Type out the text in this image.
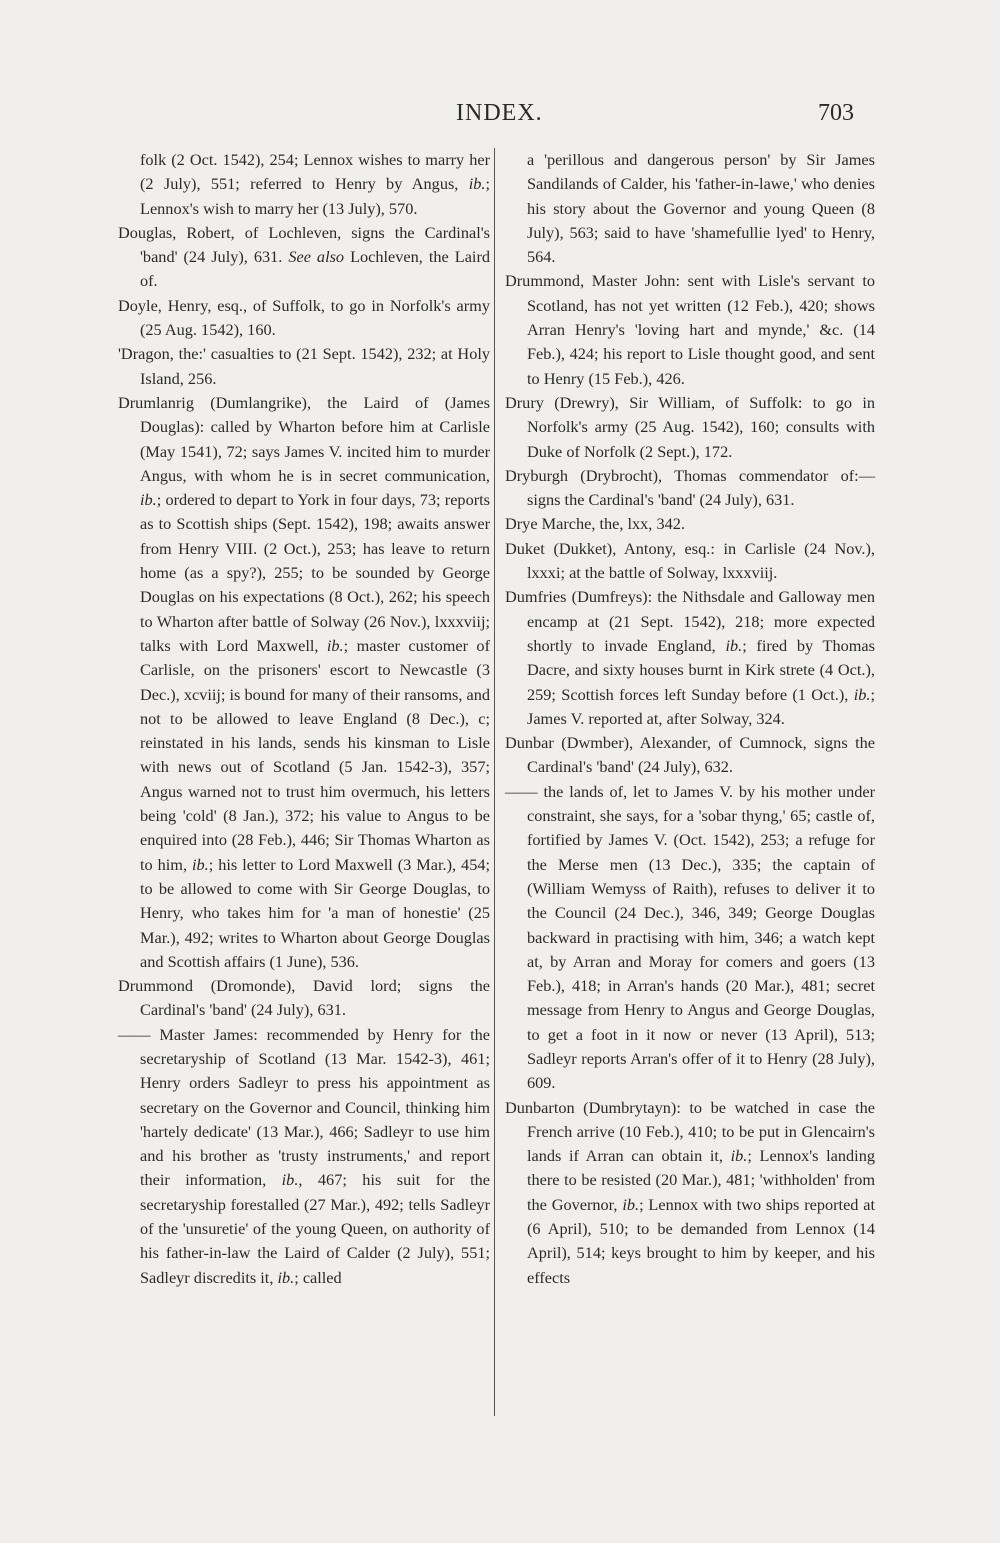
INDEX.	703

folk (2 Oct. 1542), 254; Lennox wishes to marry her (2 July), 551; referred to Henry by Angus, ib.; Lennox's wish to marry her (13 July), 570.

Douglas, Robert, of Lochleven, signs the Cardinal's 'band' (24 July), 631. See also Lochleven, the Laird of.

Doyle, Henry, esq., of Suffolk, to go in Norfolk's army (25 Aug. 1542), 160.

'Dragon, the:' casualties to (21 Sept. 1542), 232; at Holy Island, 256.

Drumlanrig (Dumlangrike), the Laird of (James Douglas): called by Wharton before him at Carlisle (May 1541), 72; says James V. incited him to murder Angus, with whom he is in secret communication, ib.; ordered to depart to York in four days, 73; reports as to Scottish ships (Sept. 1542), 198; awaits answer from Henry VIII. (2 Oct.), 253; has leave to return home (as a spy?), 255; to be sounded by George Douglas on his expectations (8 Oct.), 262; his speech to Wharton after battle of Solway (26 Nov.), lxxxviij; talks with Lord Maxwell, ib.; master customer of Carlisle, on the prisoners' escort to Newcastle (3 Dec.), xcviij; is bound for many of their ransoms, and not to be allowed to leave England (8 Dec.), c; reinstated in his lands, sends his kinsman to Lisle with news out of Scotland (5 Jan. 1542-3), 357; Angus warned not to trust him overmuch, his letters being 'cold' (8 Jan.), 372; his value to Angus to be enquired into (28 Feb.), 446; Sir Thomas Wharton as to him, ib.; his letter to Lord Maxwell (3 Mar.), 454; to be allowed to come with Sir George Douglas, to Henry, who takes him for 'a man of honestie' (25 Mar.), 492; writes to Wharton about George Douglas and Scottish affairs (1 June), 536.

Drummond (Dromonde), David lord; signs the Cardinal's 'band' (24 July), 631.

—— Master James: recommended by Henry for the secretaryship of Scotland (13 Mar. 1542-3), 461; Henry orders Sadleyr to press his appointment as secretary on the Governor and Council, thinking him 'hartely dedicate' (13 Mar.), 466; Sadleyr to use him and his brother as 'trusty instruments,' and report their information, ib., 467; his suit for the secretaryship forestalled (27 Mar.), 492; tells Sadleyr of the 'unsuretie' of the young Queen, on authority of his father-in-law the Laird of Calder (2 July), 551; Sadleyr discredits it, ib.; called

a 'perillous and dangerous person' by Sir James Sandilands of Calder, his 'father-in-lawe,' who denies his story about the Governor and young Queen (8 July), 563; said to have 'shamefullie lyed' to Henry, 564.

Drummond, Master John: sent with Lisle's servant to Scotland, has not yet written (12 Feb.), 420; shows Arran Henry's 'loving hart and mynde,' &c. (14 Feb.), 424; his report to Lisle thought good, and sent to Henry (15 Feb.), 426.

Drury (Drewry), Sir William, of Suffolk: to go in Norfolk's army (25 Aug. 1542), 160; consults with Duke of Norfolk (2 Sept.), 172.

Dryburgh (Drybrocht), Thomas commendator of:—signs the Cardinal's 'band' (24 July), 631.

Drye Marche, the, lxx, 342.

Duket (Dukket), Antony, esq.: in Carlisle (24 Nov.), lxxxi; at the battle of Solway, lxxxviij.

Dumfries (Dumfreys): the Nithsdale and Galloway men encamp at (21 Sept. 1542), 218; more expected shortly to invade England, ib.; fired by Thomas Dacre, and sixty houses burnt in Kirk strete (4 Oct.), 259; Scottish forces left Sunday before (1 Oct.), ib.; James V. reported at, after Solway, 324.

Dunbar (Dwmber), Alexander, of Cumnock, signs the Cardinal's 'band' (24 July), 632.

—— the lands of, let to James V. by his mother under constraint, she says, for a 'sobar thyng,' 65; castle of, fortified by James V. (Oct. 1542), 253; a refuge for the Merse men (13 Dec.), 335; the captain of (William Wemyss of Raith), refuses to deliver it to the Council (24 Dec.), 346, 349; George Douglas backward in practising with him, 346; a watch kept at, by Arran and Moray for comers and goers (13 Feb.), 418; in Arran's hands (20 Mar.), 481; secret message from Henry to Angus and George Douglas, to get a foot in it now or never (13 April), 513; Sadleyr reports Arran's offer of it to Henry (28 July), 609.

Dunbarton (Dumbrytayn): to be watched in case the French arrive (10 Feb.), 410; to be put in Glencairn's lands if Arran can obtain it, ib.; Lennox's landing there to be resisted (20 Mar.), 481; 'withholden' from the Governor, ib.; Lennox with two ships reported at (6 April), 510; to be demanded from Lennox (14 April), 514; keys brought to him by keeper, and his effects
